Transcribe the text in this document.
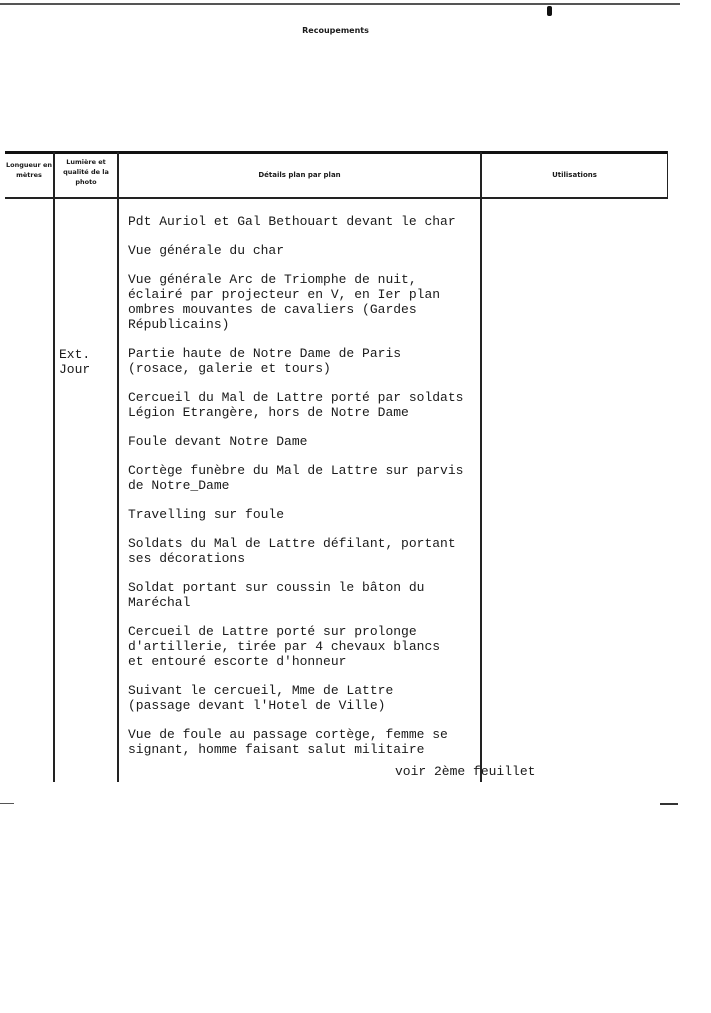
Recoupements
Longueur en mètres
Lumière et qualité de la photo
Détails plan par plan	Utilisations
Ext.
Jour
Pdt Auriol et Gal Bethouart devant le char
Vue générale du char
Vue générale Arc de Triomphe de nuit,
éclairé par projecteur en V, en Ier plan
ombres mouvantes de cavaliers (Gardes
Républicains)
Partie haute de Notre Dame de Paris
(rosace, galerie et tours)
Cercueil du Mal de Lattre porté par soldats
Légion Etrangère, hors de Notre Dame
Foule devant Notre Dame
Cortège funèbre du Mal de Lattre sur parvis
de Notre_Dame
Travelling sur foule
Soldats du Mal de Lattre défilant, portant
ses décorations
Soldat portant sur coussin le bâton du
Maréchal
Cercueil de Lattre porté sur prolonge
d'artillerie, tirée par 4 chevaux blancs
et entouré escorte d'honneur
Suivant le cercueil, Mme de Lattre
(passage devant l'Hotel de Ville)
Vue de foule au passage cortège, femme se
signant, homme faisant salut militaire
voir 2ème feuillet
